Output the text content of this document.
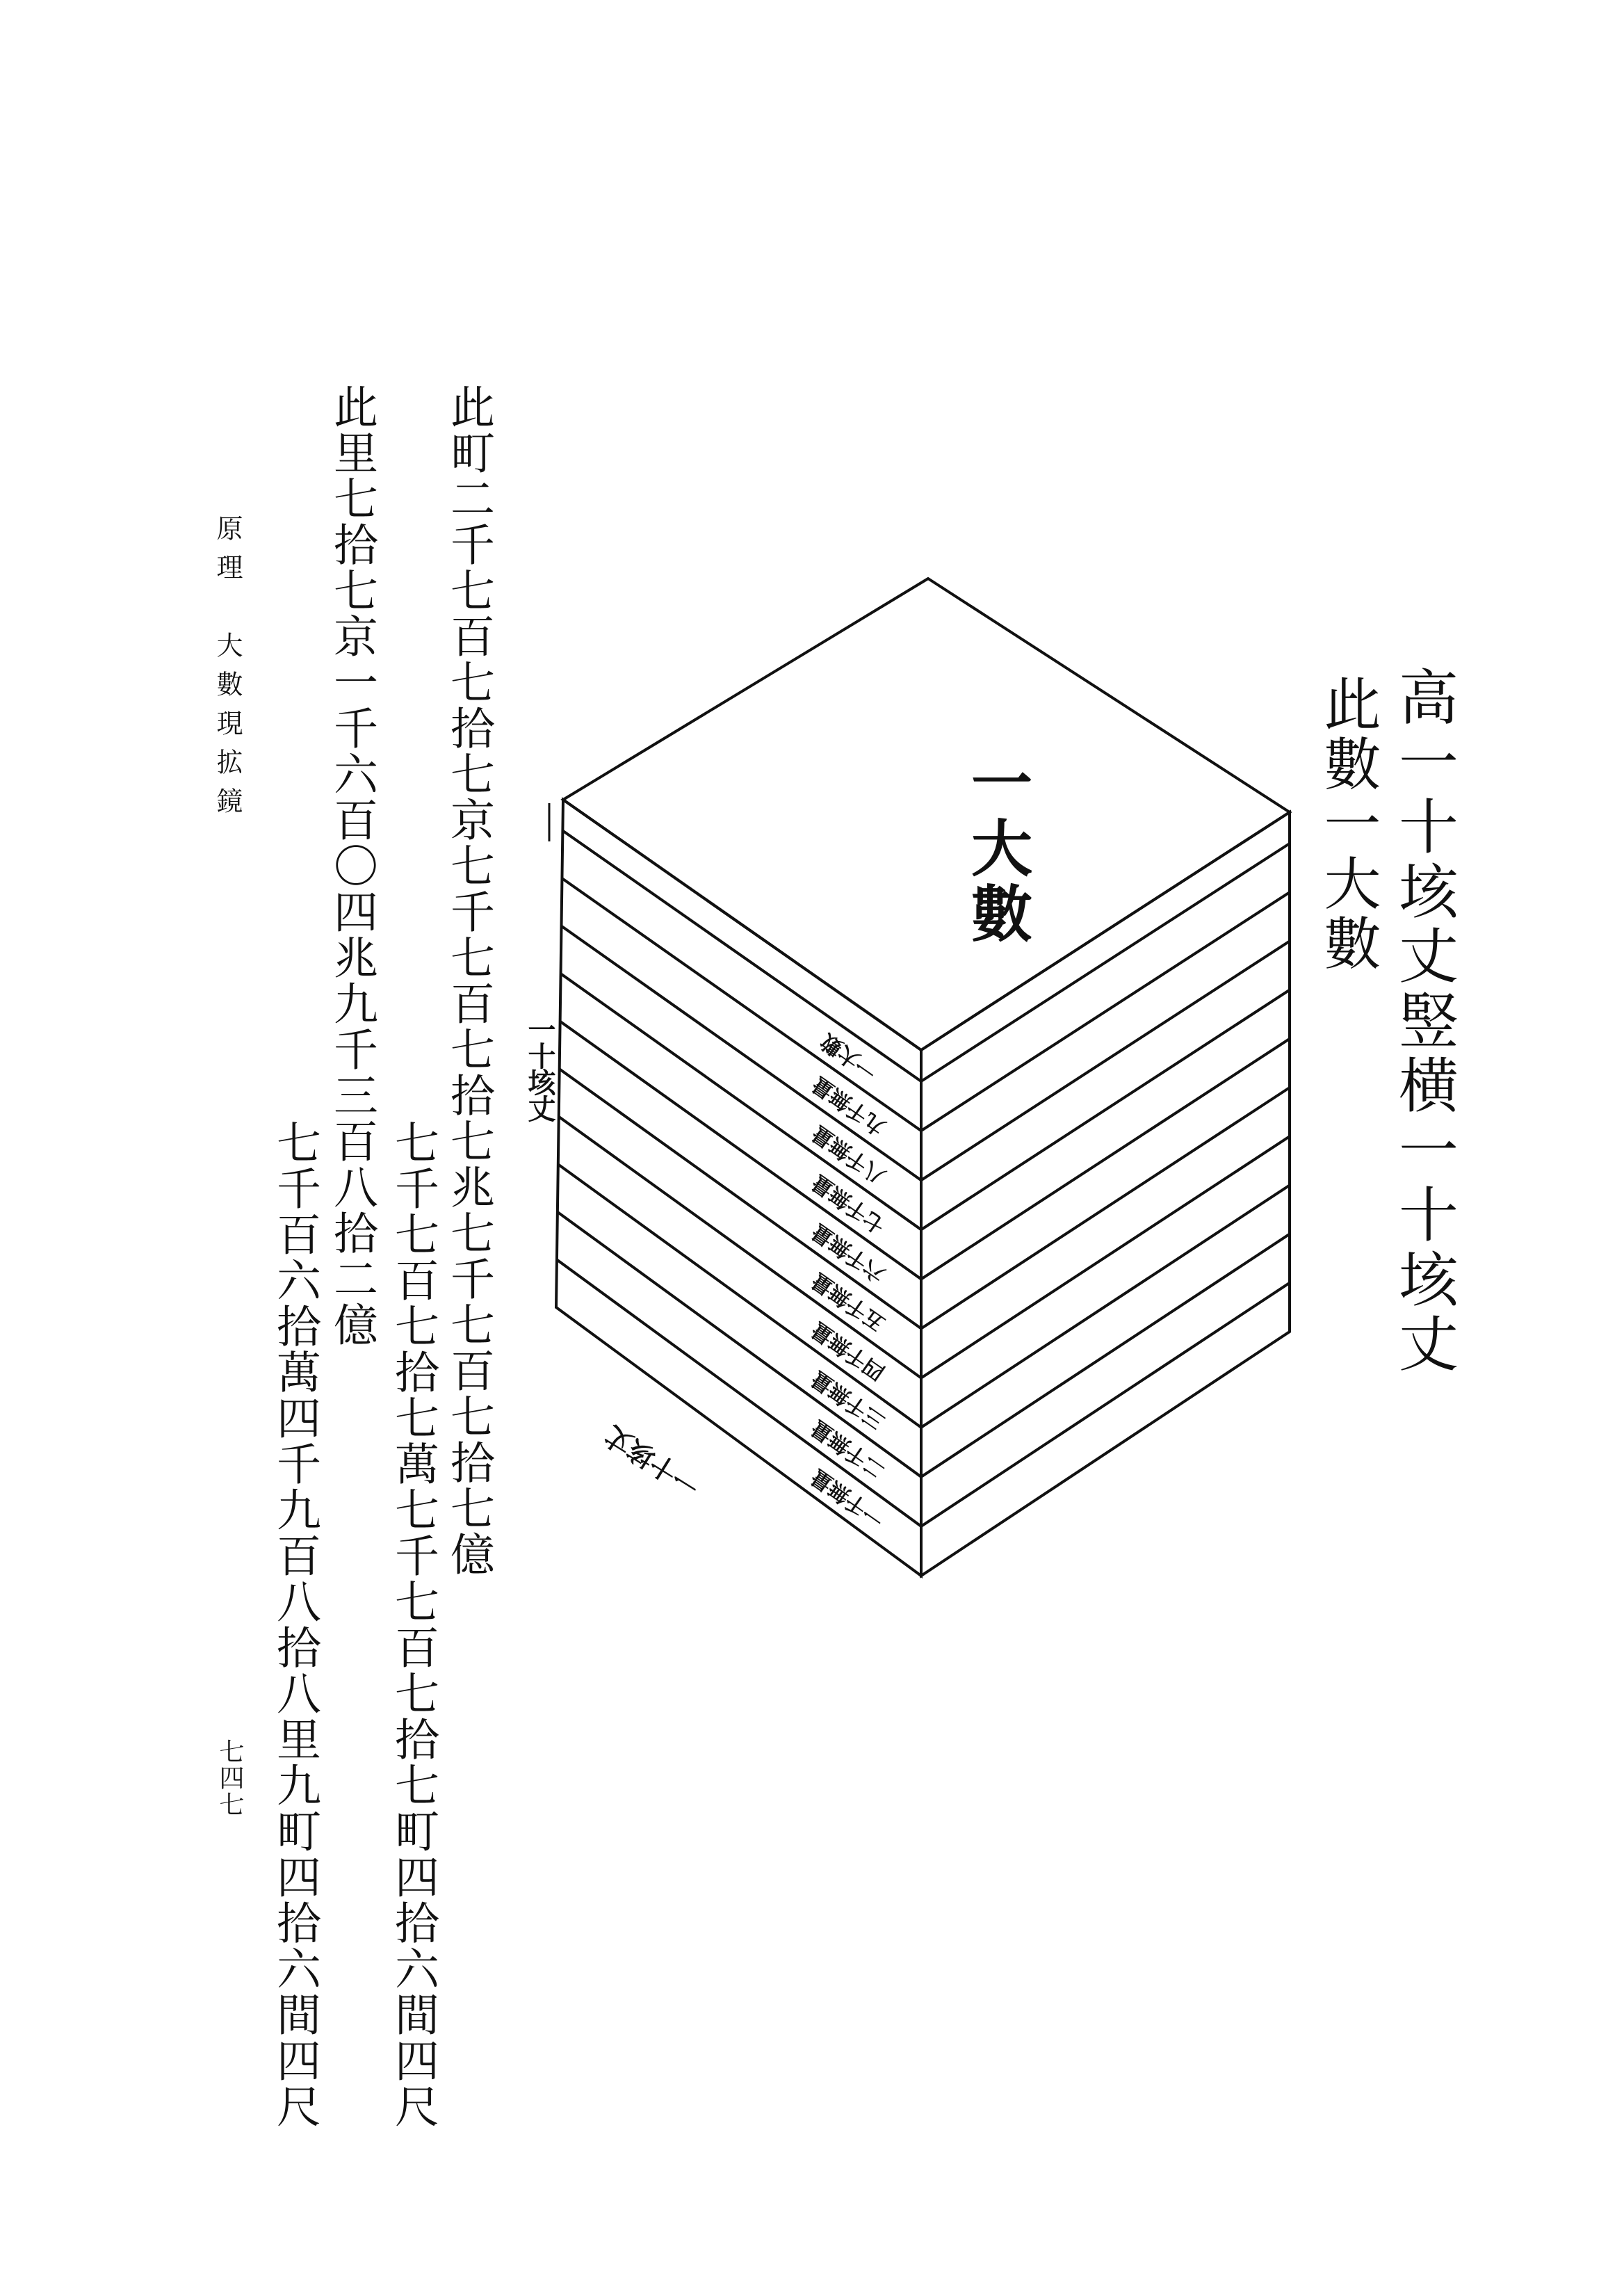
高一十垓丈竪横一十垓丈

此數一大數

一大數
九千無量
八千無量
七千無量
六千無量
五千無量
四千無量
三千無量
二千無量
一千無量
一十垓丈

一大數

一十垓丈

此町二千七百七拾七京七千七百七拾七兆七千七百七拾七億

七千七百七拾七萬七千七百七拾七町四拾六間四尺

此里七拾七京一千六百〇四兆九千三百八拾二億

七千百六拾萬四千九百八拾八里九町四拾六間四尺

原理　大數現拡鏡

七四七
